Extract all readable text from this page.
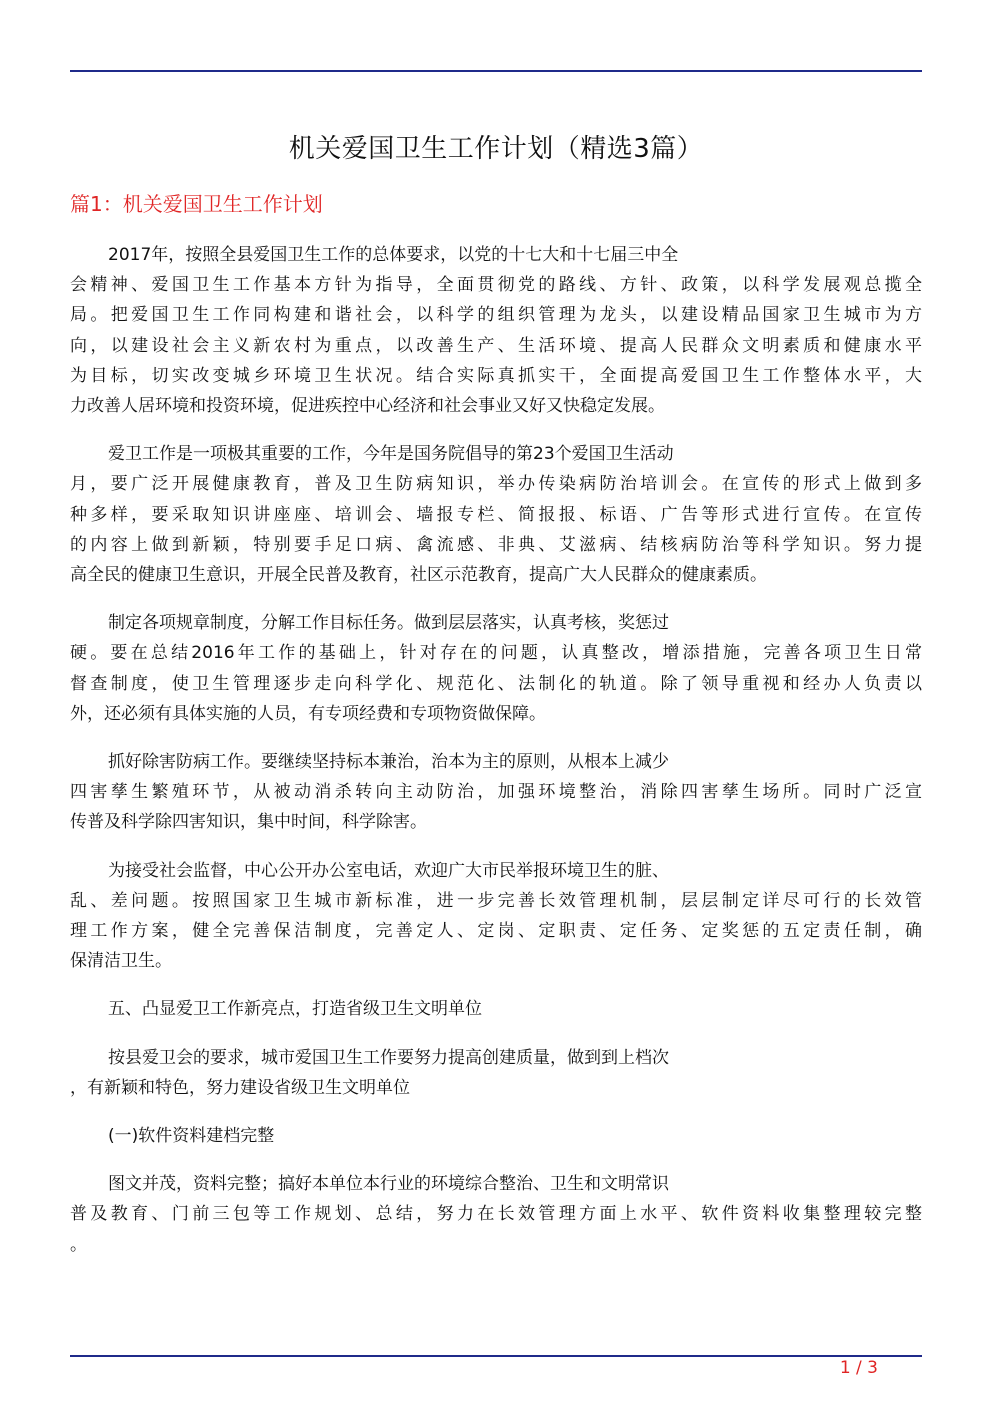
机关爱国卫生工作计划（精选3篇）
篇1：机关爱国卫生工作计划
2017年，按照全县爱国卫生工作的总体要求，以党的十七大和十七届三中全
会精神、爱国卫生工作基本方针为指导，全面贯彻党的路线、方针、政策，以科学发展观总揽全
局。把爱国卫生工作同构建和谐社会，以科学的组织管理为龙头，以建设精品国家卫生城市为方
向，以建设社会主义新农村为重点，以改善生产、生活环境、提高人民群众文明素质和健康水平
为目标，切实改变城乡环境卫生状况。结合实际真抓实干，全面提高爱国卫生工作整体水平，大
力改善人居环境和投资环境，促进疾控中心经济和社会事业又好又快稳定发展。
爱卫工作是一项极其重要的工作，今年是国务院倡导的第23个爱国卫生活动
月，要广泛开展健康教育，普及卫生防病知识，举办传染病防治培训会。在宣传的形式上做到多
种多样，要采取知识讲座座、培训会、墙报专栏、简报报、标语、广告等形式进行宣传。在宣传
的内容上做到新颖，特别要手足口病、禽流感、非典、艾滋病、结核病防治等科学知识。努力提
高全民的健康卫生意识，开展全民普及教育，社区示范教育，提高广大人民群众的健康素质。
制定各项规章制度，分解工作目标任务。做到层层落实，认真考核，奖惩过
硬。要在总结2016年工作的基础上，针对存在的问题，认真整改，增添措施，完善各项卫生日常
督查制度，使卫生管理逐步走向科学化、规范化、法制化的轨道。除了领导重视和经办人负责以
外，还必须有具体实施的人员，有专项经费和专项物资做保障。
抓好除害防病工作。要继续坚持标本兼治，治本为主的原则，从根本上减少
四害孳生繁殖环节，从被动消杀转向主动防治，加强环境整治，消除四害孳生场所。同时广泛宣
传普及科学除四害知识，集中时间，科学除害。
为接受社会监督，中心公开办公室电话，欢迎广大市民举报环境卫生的脏、
乱、差问题。按照国家卫生城市新标准，进一步完善长效管理机制，层层制定详尽可行的长效管
理工作方案，健全完善保洁制度，完善定人、定岗、定职责、定任务、定奖惩的五定责任制，确
保清洁卫生。
五、凸显爱卫工作新亮点，打造省级卫生文明单位
按县爱卫会的要求，城市爱国卫生工作要努力提高创建质量，做到到上档次
，有新颖和特色，努力建设省级卫生文明单位
(一)软件资料建档完整
图文并茂，资料完整；搞好本单位本行业的环境综合整治、卫生和文明常识
普及教育、门前三包等工作规划、总结，努力在长效管理方面上水平、软件资料收集整理较完整
。
1 / 3
